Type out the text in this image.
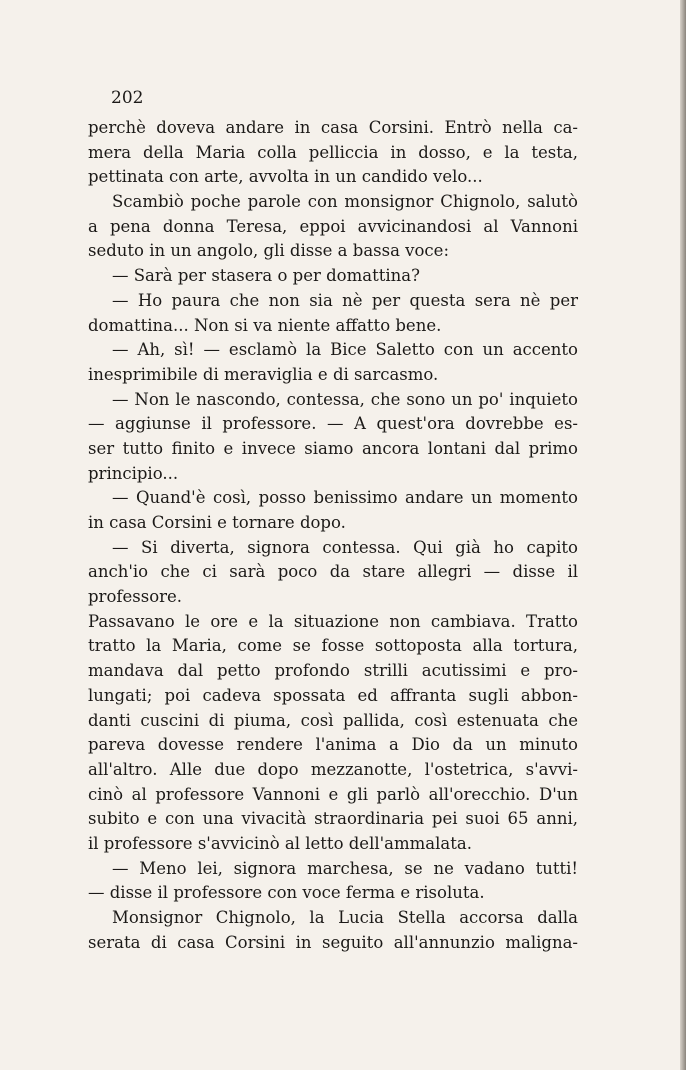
202

perchè doveva andare in casa Corsini. Entrò nella ca-
mera della Maria colla pelliccia in dosso, e la testa,
pettinata con arte, avvolta in un candido velo...
Scambiò poche parole con monsignor Chignolo, salutò
a pena donna Teresa, eppoi avvicinandosi al Vannoni
seduto in un angolo, gli disse a bassa voce:
— Sarà per stasera o per domattina?
— Ho paura che non sia nè per questa sera nè per
domattina... Non si va niente affatto bene.
— Ah, sì! — esclamò la Bice Saletto con un accento
inesprimibile di meraviglia e di sarcasmo.
— Non le nascondo, contessa, che sono un po' inquieto
— aggiunse il professore. — A quest'ora dovrebbe es-
ser tutto finito e invece siamo ancora lontani dal primo
principio...
— Quand'è così, posso benissimo andare un momento
in casa Corsini e tornare dopo.
— Si diverta, signora contessa. Qui già ho capito
anch'io che ci sarà poco da stare allegri — disse il
professore.
Passavano le ore e la situazione non cambiava. Tratto
tratto la Maria, come se fosse sottoposta alla tortura,
mandava dal petto profondo strilli acutissimi e pro-
lungati; poi cadeva spossata ed affranta sugli abbon-
danti cuscini di piuma, così pallida, così estenuata che
pareva dovesse rendere l'anima a Dio da un minuto
all'altro. Alle due dopo mezzanotte, l'ostetrica, s'avvi-
cinò al professore Vannoni e gli parlò all'orecchio. D'un
subito e con una vivacità straordinaria pei suoi 65 anni,
il professore s'avvicinò al letto dell'ammalata.
— Meno lei, signora marchesa, se ne vadano tutti!
— disse il professore con voce ferma e risoluta.
Monsignor Chignolo, la Lucia Stella accorsa dalla
serata di casa Corsini in seguito all'annunzio maligna-
